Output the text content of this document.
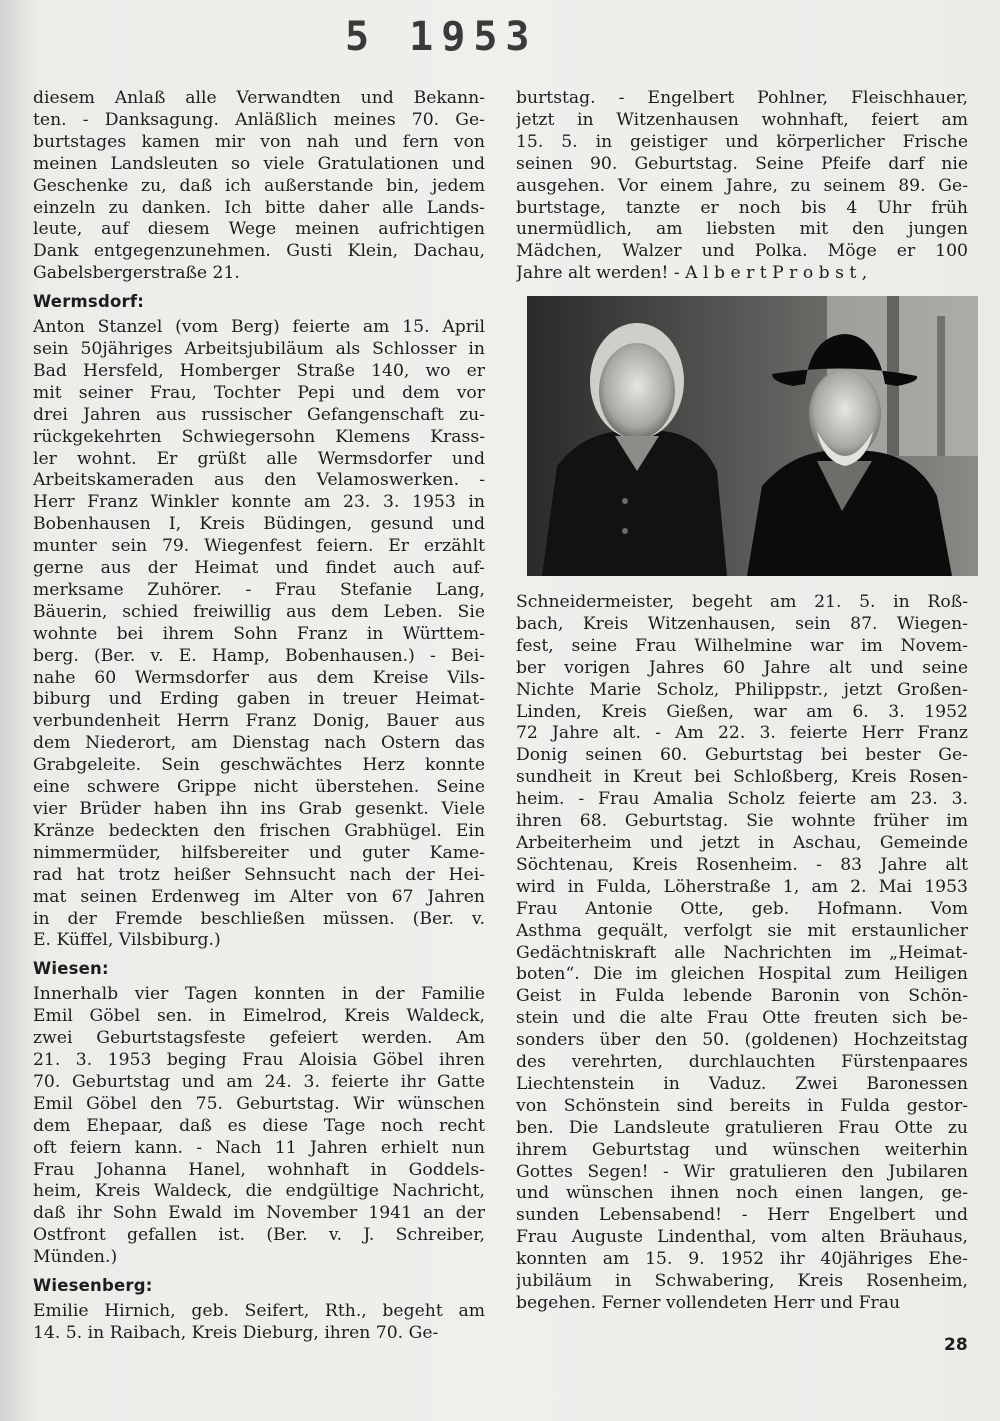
5 1953
diesem Anlaß alle Verwandten und Bekann-
ten. - Danksagung. Anläßlich meines 70. Ge-
burtstages kamen mir von nah und fern von
meinen Landsleuten so viele Gratulationen und
Geschenke zu, daß ich außerstande bin, jedem
einzeln zu danken. Ich bitte daher alle Lands-
leute, auf diesem Wege meinen aufrichtigen
Dank entgegenzunehmen. Gusti Klein, Dachau,
Gabelsbergerstraße 21.
Wermsdorf:
Anton Stanzel (vom Berg) feierte am 15. April
sein 50jähriges Arbeitsjubiläum als Schlosser in
Bad Hersfeld, Homberger Straße 140, wo er
mit seiner Frau, Tochter Pepi und dem vor
drei Jahren aus russischer Gefangenschaft zu-
rückgekehrten Schwiegersohn Klemens Krass-
ler wohnt. Er grüßt alle Wermsdorfer und
Arbeitskameraden aus den Velamoswerken. -
Herr Franz Winkler konnte am 23. 3. 1953 in
Bobenhausen I, Kreis Büdingen, gesund und
munter sein 79. Wiegenfest feiern. Er erzählt
gerne aus der Heimat und findet auch auf-
merksame Zuhörer. - Frau Stefanie Lang,
Bäuerin, schied freiwillig aus dem Leben. Sie
wohnte bei ihrem Sohn Franz in Württem-
berg. (Ber. v. E. Hamp, Bobenhausen.) - Bei-
nahe 60 Wermsdorfer aus dem Kreise Vils-
biburg und Erding gaben in treuer Heimat-
verbundenheit Herrn Franz Donig, Bauer aus
dem Niederort, am Dienstag nach Ostern das
Grabgeleite. Sein geschwächtes Herz konnte
eine schwere Grippe nicht überstehen. Seine
vier Brüder haben ihn ins Grab gesenkt. Viele
Kränze bedeckten den frischen Grabhügel. Ein
nimmermüder, hilfsbereiter und guter Kame-
rad hat trotz heißer Sehnsucht nach der Hei-
mat seinen Erdenweg im Alter von 67 Jahren
in der Fremde beschließen müssen. (Ber. v.
E. Küffel, Vilsbiburg.)
Wiesen:
Innerhalb vier Tagen konnten in der Familie
Emil Göbel sen. in Eimelrod, Kreis Waldeck,
zwei Geburtstagsfeste gefeiert werden. Am
21. 3. 1953 beging Frau Aloisia Göbel ihren
70. Geburtstag und am 24. 3. feierte ihr Gatte
Emil Göbel den 75. Geburtstag. Wir wünschen
dem Ehepaar, daß es diese Tage noch recht
oft feiern kann. - Nach 11 Jahren erhielt nun
Frau Johanna Hanel, wohnhaft in Goddels-
heim, Kreis Waldeck, die endgültige Nachricht,
daß ihr Sohn Ewald im November 1941 an der
Ostfront gefallen ist. (Ber. v. J. Schreiber,
Münden.)
Wiesenberg:
Emilie Hirnich, geb. Seifert, Rth., begeht am
14. 5. in Raibach, Kreis Dieburg, ihren 70. Ge-
burtstag. - Engelbert Pohlner, Fleischhauer,
jetzt in Witzenhausen wohnhaft, feiert am
15. 5. in geistiger und körperlicher Frische
seinen 90. Geburtstag. Seine Pfeife darf nie
ausgehen. Vor einem Jahre, zu seinem 89. Ge-
burtstage, tanzte er noch bis 4 Uhr früh
unermüdlich, am liebsten mit den jungen
Mädchen, Walzer und Polka. Möge er 100
Jahre alt werden! - A l b e r t P r o b s t ,
Schneidermeister, begeht am 21. 5. in Roß-
bach, Kreis Witzenhausen, sein 87. Wiegen-
fest, seine Frau Wilhelmine war im Novem-
ber vorigen Jahres 60 Jahre alt und seine
Nichte Marie Scholz, Philippstr., jetzt Großen-
Linden, Kreis Gießen, war am 6. 3. 1952
72 Jahre alt. - Am 22. 3. feierte Herr Franz
Donig seinen 60. Geburtstag bei bester Ge-
sundheit in Kreut bei Schloßberg, Kreis Rosen-
heim. - Frau Amalia Scholz feierte am 23. 3.
ihren 68. Geburtstag. Sie wohnte früher im
Arbeiterheim und jetzt in Aschau, Gemeinde
Söchtenau, Kreis Rosenheim. - 83 Jahre alt
wird in Fulda, Löherstraße 1, am 2. Mai 1953
Frau Antonie Otte, geb. Hofmann. Vom
Asthma gequält, verfolgt sie mit erstaunlicher
Gedächtniskraft alle Nachrichten im „Heimat-
boten“. Die im gleichen Hospital zum Heiligen
Geist in Fulda lebende Baronin von Schön-
stein und die alte Frau Otte freuten sich be-
sonders über den 50. (goldenen) Hochzeitstag
des verehrten, durchlauchten Fürstenpaares
Liechtenstein in Vaduz. Zwei Baronessen
von Schönstein sind bereits in Fulda gestor-
ben. Die Landsleute gratulieren Frau Otte zu
ihrem Geburtstag und wünschen weiterhin
Gottes Segen! - Wir gratulieren den Jubilaren
und wünschen ihnen noch einen langen, ge-
sunden Lebensabend! - Herr Engelbert und
Frau Auguste Lindenthal, vom alten Bräuhaus,
konnten am 15. 9. 1952 ihr 40jähriges Ehe-
jubiläum in Schwabering, Kreis Rosenheim,
begehen. Ferner vollendeten Herr und Frau
28
